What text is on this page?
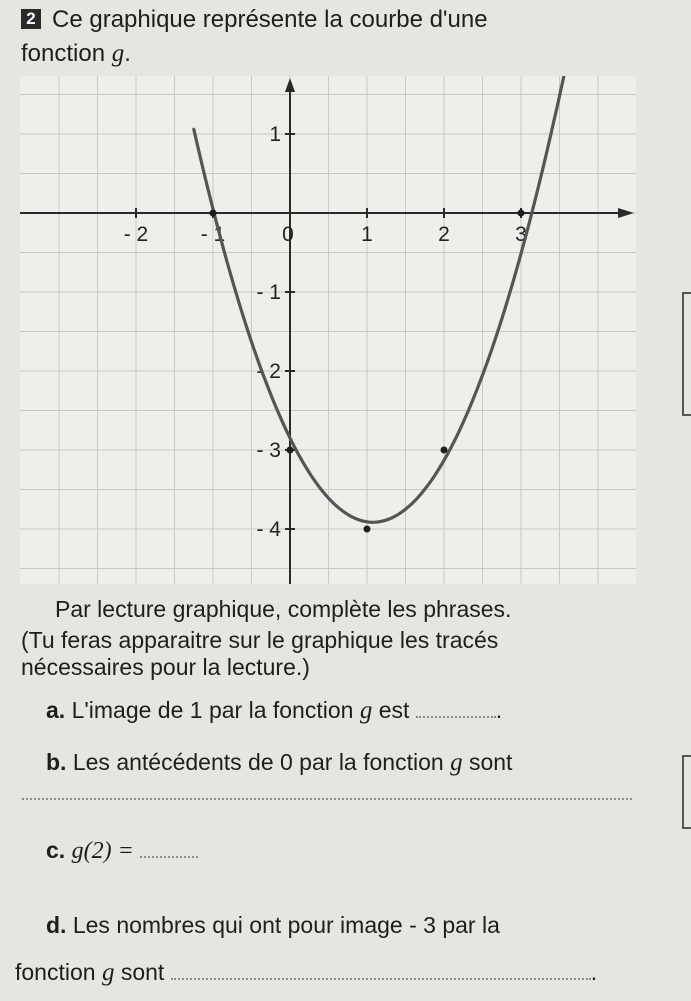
2 Ce graphique représente la courbe d'une
fonction g.
- 2 - 1	0	1	2	3
1
- 1
- 2
- 3
- 4
Par lecture graphique, complète les phrases.
(Tu feras apparaitre sur le graphique les tracés
nécessaires pour la lecture.)
a. L'image de 1 par la fonction g est	.
b. Les antécédents de 0 par la fonction g sont
c. g(2) =
d. Les nombres qui ont pour image - 3 par la
fonction g sont	.
